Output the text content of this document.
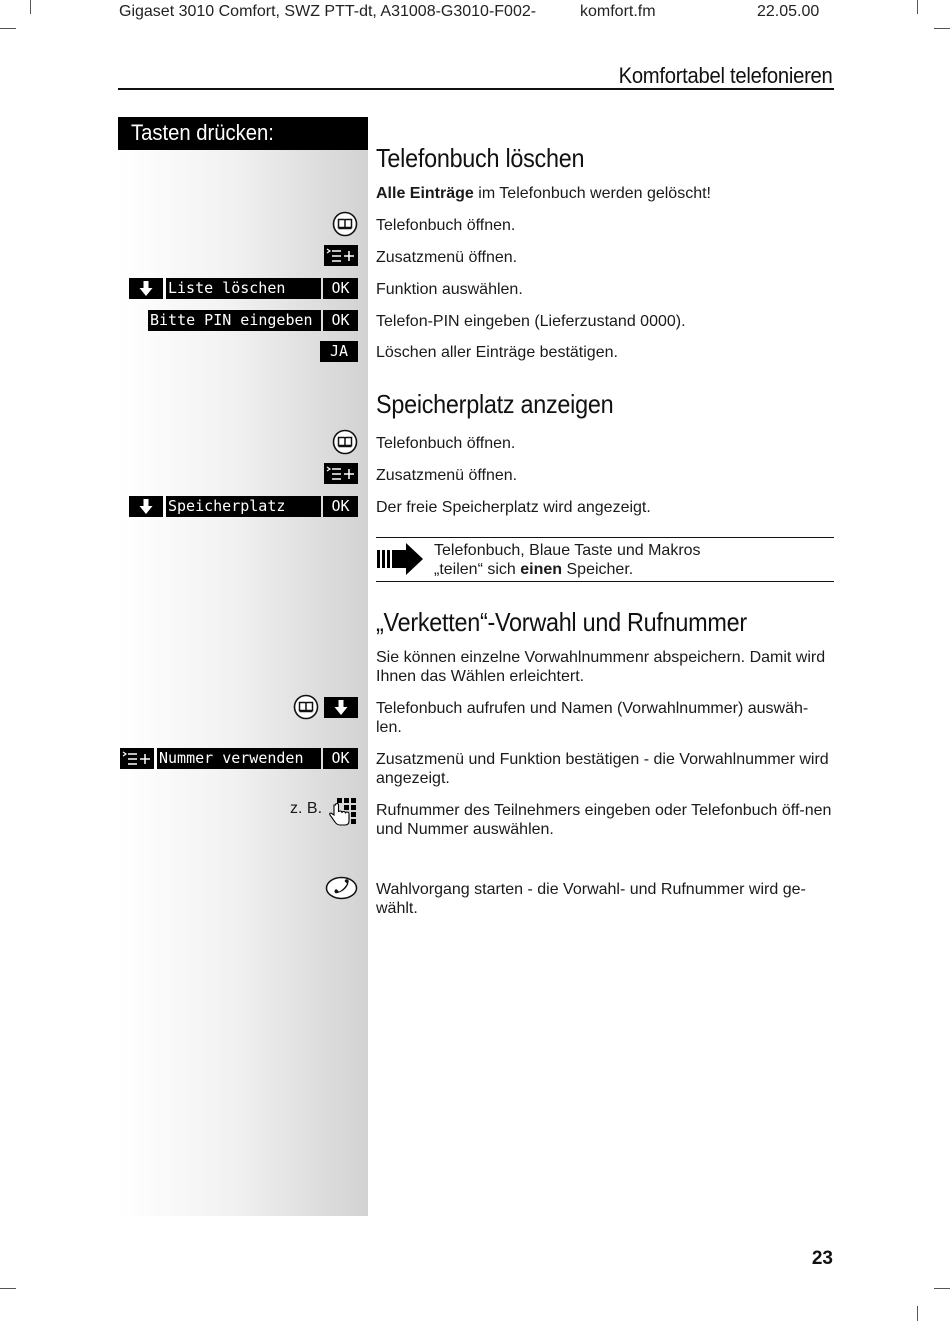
Gigaset 3010 Comfort, SWZ PTT-dt, A31008-G3010-F002-	komfort.fm	22.05.00
Komfortabel telefonieren
Tasten drücken:
Telefonbuch löschen
Alle Einträge im Telefonbuch werden gelöscht!
Telefonbuch öffnen.
Zusatzmenü öffnen.
Liste löschen	OK	Funktion auswählen.
Bitte PIN eingeben	OK	Telefon-PIN eingeben (Lieferzustand 0000).
JA	Löschen aller Einträge bestätigen.
Speicherplatz anzeigen
Telefonbuch öffnen.
Zusatzmenü öffnen.
Speicherplatz	OK	Der freie Speicherplatz wird angezeigt.
Telefonbuch, Blaue Taste und Makros
„teilen“ sich einen Speicher.
„Verketten“-Vorwahl und Rufnummer
Sie können einzelne Vorwahlnummenr abspeichern. Damit wird Ihnen das Wählen erleichtert.
Telefonbuch aufrufen und Namen (Vorwahlnummer) auswäh-len.
Nummer verwenden	OK	Zusatzmenü und Funktion bestätigen - die Vorwahlnummer wird angezeigt.
z. B.	Rufnummer des Teilnehmers eingeben oder Telefonbuch öff-nen und Nummer auswählen.
Wahlvorgang starten - die Vorwahl- und Rufnummer wird ge-wählt.
23
